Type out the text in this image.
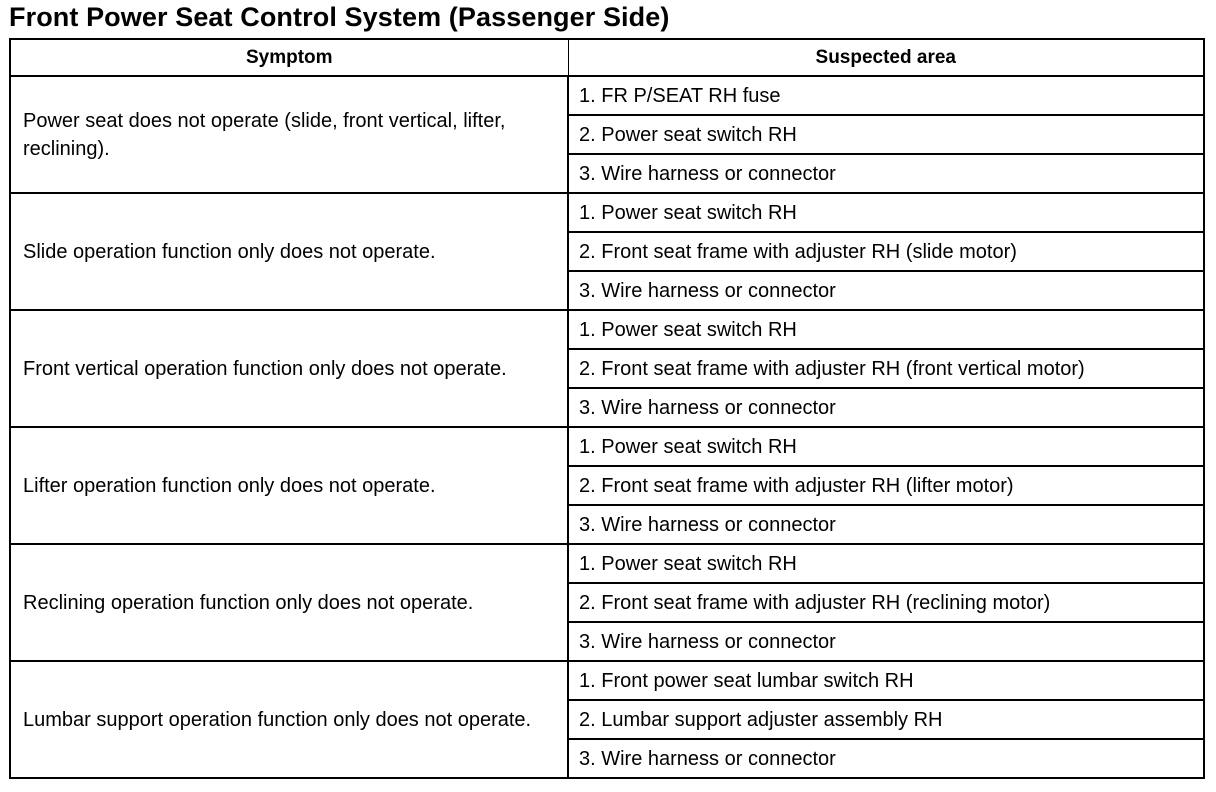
Front Power Seat Control System (Passenger Side)
Symptom	Suspected area
Power seat does not operate (slide, front vertical, lifter, reclining).	1. FR P/SEAT RH fuse
	2. Power seat switch RH
	3. Wire harness or connector
Slide operation function only does not operate.	1. Power seat switch RH
	2. Front seat frame with adjuster RH (slide motor)
	3. Wire harness or connector
Front vertical operation function only does not operate.	1. Power seat switch RH
	2. Front seat frame with adjuster RH (front vertical motor)
	3. Wire harness or connector
Lifter operation function only does not operate.	1. Power seat switch RH
	2. Front seat frame with adjuster RH (lifter motor)
	3. Wire harness or connector
Reclining operation function only does not operate.	1. Power seat switch RH
	2. Front seat frame with adjuster RH (reclining motor)
	3. Wire harness or connector
Lumbar support operation function only does not operate.	1. Front power seat lumbar switch RH
	2. Lumbar support adjuster assembly RH
	3. Wire harness or connector
